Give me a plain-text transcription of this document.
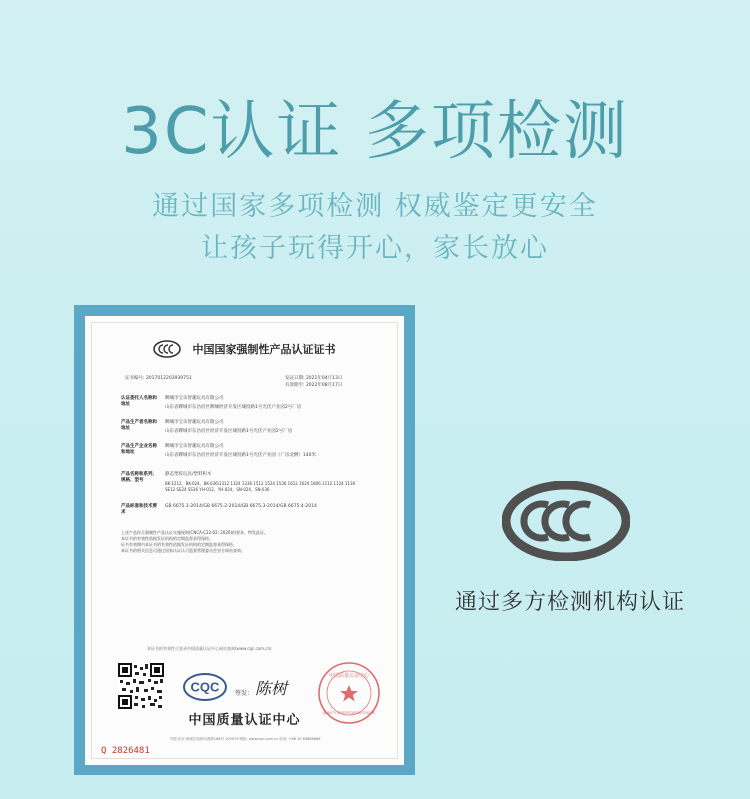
3C认证 多项检测
通过国家多项检测 权威鉴定更安全
让孩子玩得开心，家长放心
中国国家强制性产品认证证书
证书编号: 2017012203939751	发证日期: 2021年04月13日
有效期至: 2022年08月17日
认证委托人名称和地址
聊城市宝乐智趣玩具有限公司
山东省聊城市东昌府区聊城经济开发区城投路1号光伏产业园2号厂房
产品生产者名称和地址
聊城市宝乐智趣玩具有限公司
山东省聊城市东昌府区经济开发区城投路1号光伏产业园2号厂房
产品生产企业名称和地址
聊城市宝乐智趣玩具有限公司
山东省聊城市东昌府区经济开发区城投路1号光伏产业园（厂房北侧）140米
产品名称和系列、规格、型号
静态塑胶玩具/塑料积木
BK-1212、BK-024、BK-036\1312 1324 1336 1512 1524 1536 1612 1624 1806 1112 1124 1136
SE12 SE24 SS36 YH-012、YH-024、SN-024、SN-036
产品标准和技术要求
GB 6675.1-2014/GB 6675.2-2014/GB 6675.3-2014/GB 6675.4-2014
上述产品符合强制性产品认证实施规则(CNCA-C22-02: 2020)的要求，特发此证。
本证书的有效性依据发证机构的定期监督获得保持。
证书有效期内本证书的有效性依据发证机构的定期监督获得保持。
本证书的相关信息可通过国家认证认可监督管理委员会官方网站查询。
本证书的有效性可登录中国质量认证中心网站查询(www.cqc.com.cn)
CQC	签发： 陈树
中国质量认证中心
QUALITY CERTIFICATION CENTRE
中国质量认证中心
中国·北京·西城区南四环西路188号 100070 网址: www.cqc.com.cn 电话: +86 10 83886666
Q 2826481
通过多方检测机构认证
